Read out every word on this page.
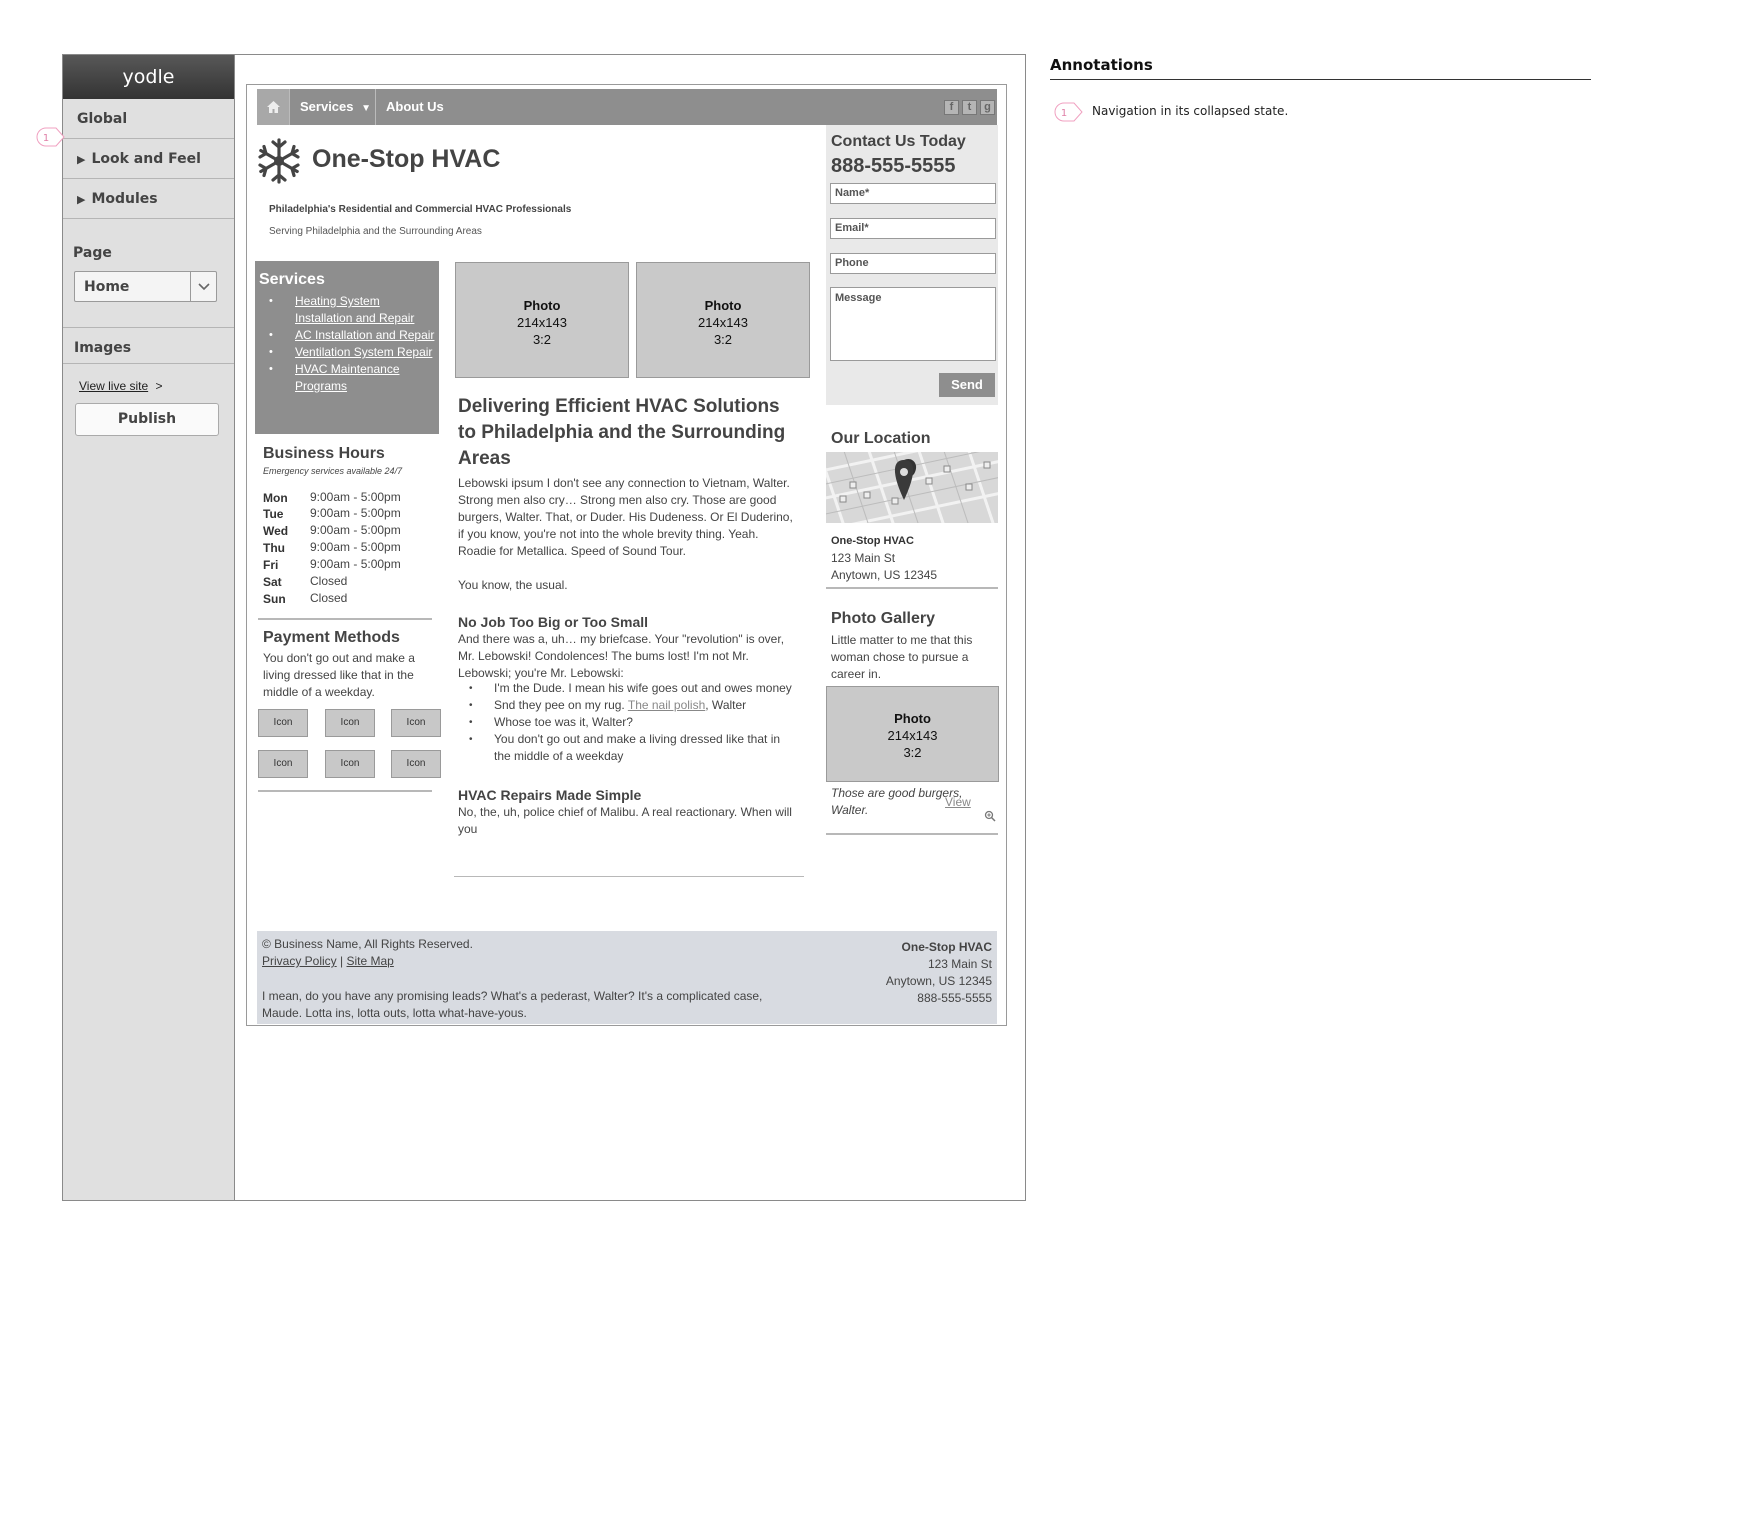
yodle
Global
▶ Look and Feel
▶ Modules
Page
Home
Images
View live site >
Publish
1
Services ▼	About Us	f	t	g
One-Stop HVAC
Philadelphia's Residential and Commercial HVAC Professionals
Serving Philadelphia and the Surrounding Areas
Services
• Heating System Installation and Repair
• AC Installation and Repair
• Ventilation System Repair
• HVAC Maintenance Programs
Business Hours
Emergency services available 24/7
Mon 9:00am - 5:00pm
Tue 9:00am - 5:00pm
Wed 9:00am - 5:00pm
Thu 9:00am - 5:00pm
Fri	9:00am - 5:00pm
Sat Closed
Sun Closed
Payment Methods
You don't go out and make a living dressed like that in the middle of a weekday.
Icon	Icon	Icon
Icon	Icon	Icon
Photo
214x143
3:2
Photo
214x143
3:2
Delivering Efficient HVAC Solutions to Philadelphia and the Surrounding Areas
Lebowski ipsum I don't see any connection to Vietnam, Walter. Strong men also cry… Strong men also cry. Those are good burgers, Walter. That, or Duder. His Dudeness. Or El Duderino, if you know, you're not into the whole brevity thing. Yeah. Roadie for Metallica. Speed of Sound Tour.
You know, the usual.
No Job Too Big or Too Small
And there was a, uh… my briefcase. Your "revolution" is over, Mr. Lebowski! Condolences! The bums lost! I'm not Mr. Lebowski; you're Mr. Lebowski:
• I'm the Dude. I mean his wife goes out and owes money
• Snd they pee on my rug. The nail polish, Walter
• Whose toe was it, Walter?
• You don't go out and make a living dressed like that in the middle of a weekday
HVAC Repairs Made Simple
No, the, uh, police chief of Malibu. A real reactionary. When will you
Contact Us Today
888-555-5555
Name*
Email*
Phone
Message
Send
Our Location
One-Stop HVAC
123 Main St
Anytown, US 12345
Photo Gallery
Little matter to me that this woman chose to pursue a career in.
Photo
214x143
3:2
Those are good burgers, Walter.
View
© Business Name, All Rights Reserved.
Privacy Policy | Site Map
I mean, do you have any promising leads? What's a pederast, Walter? It's a complicated case, Maude. Lotta ins, lotta outs, lotta what-have-yous.
One-Stop HVAC
123 Main St
Anytown, US 12345
888-555-5555
Annotations
1 Navigation in its collapsed state.
